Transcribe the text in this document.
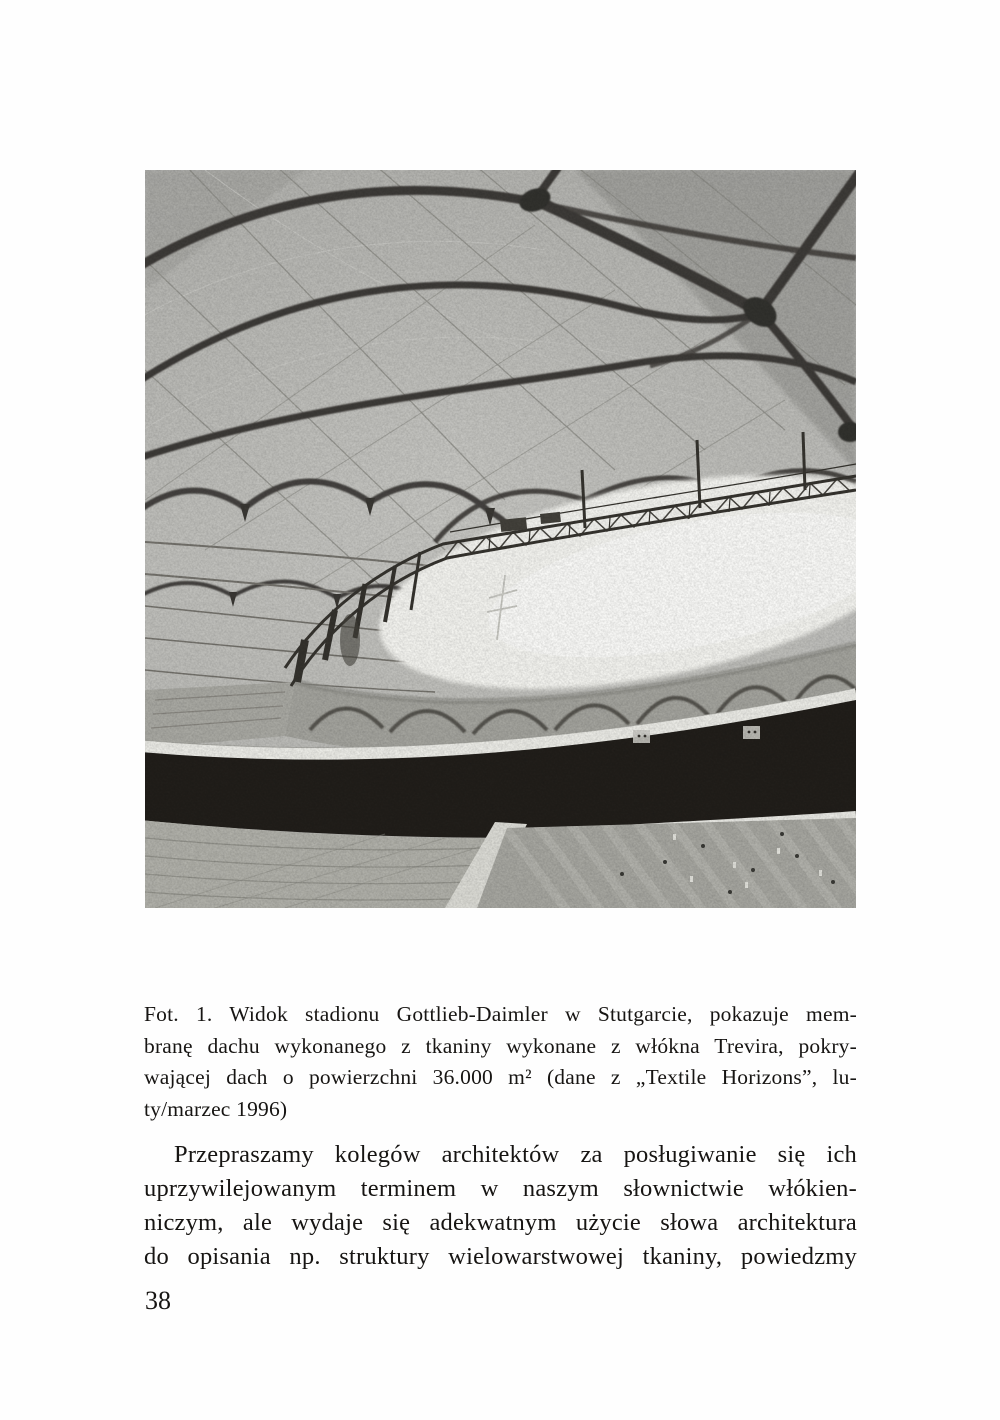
Fot. 1. Widok stadionu Gottlieb-Daimler w Stutgarcie, pokazuje mem-
branę dachu wykonanego z tkaniny wykonane z włókna Trevira, pokry-
wającej dach o powierzchni 36.000 m² (dane z „Textile Horizons”, lu-
ty/marzec 1996)
Przepraszamy kolegów architektów za posługiwanie się ich
uprzywilejowanym terminem w naszym słownictwie włókien-
niczym, ale wydaje się adekwatnym użycie słowa architektura
do opisania np. struktury wielowarstwowej tkaniny, powiedzmy
38
